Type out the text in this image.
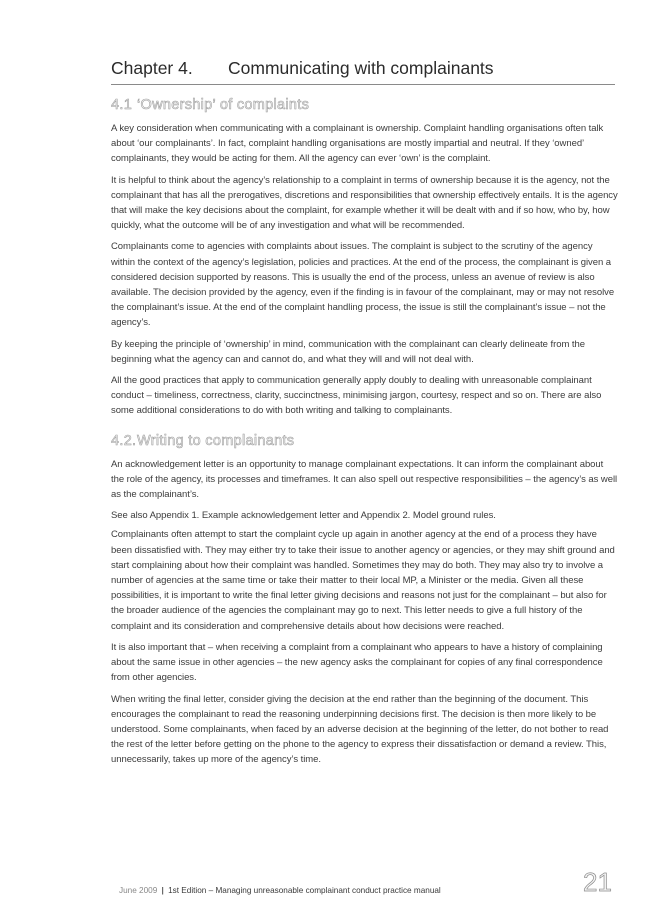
Chapter 4. Communicating with complainants
4.1 ‘Ownership’ of complaints

A key consideration when communicating with a complainant is ownership. Complaint handling organisations often talk about ‘our complainants’. In fact, complaint handling organisations are mostly impartial and neutral. If they ‘owned’ complainants, they would be acting for them. All the agency can ever ‘own’ is the complaint.

It is helpful to think about the agency’s relationship to a complaint in terms of ownership because it is the agency, not the complainant that has all the prerogatives, discretions and responsibilities that ownership effectively entails. It is the agency that will make the key decisions about the complaint, for example whether it will be dealt with and if so how, who by, how quickly, what the outcome will be of any investigation and what will be recommended.

Complainants come to agencies with complaints about issues. The complaint is subject to the scrutiny of the agency within the context of the agency’s legislation, policies and practices. At the end of the process, the complainant is given a considered decision supported by reasons. This is usually the end of the process, unless an avenue of review is also available. The decision provided by the agency, even if the finding is in favour of the complainant, may or may not resolve the complainant’s issue. At the end of the complaint handling process, the issue is still the complainant’s issue – not the agency’s.

By keeping the principle of ‘ownership’ in mind, communication with the complainant can clearly delineate from the beginning what the agency can and cannot do, and what they will and will not deal with.

All the good practices that apply to communication generally apply doubly to dealing with unreasonable complainant conduct – timeliness, correctness, clarity, succinctness, minimising jargon, courtesy, respect and so on. There are also some additional considerations to do with both writing and talking to complainants.

4.2.Writing to complainants

An acknowledgement letter is an opportunity to manage complainant expectations. It can inform the complainant about the role of the agency, its processes and timeframes. It can also spell out respective responsibilities – the agency’s as well as the complainant’s.

See also Appendix 1. Example acknowledgement letter and Appendix 2. Model ground rules.

Complainants often attempt to start the complaint cycle up again in another agency at the end of a process they have been dissatisfied with. They may either try to take their issue to another agency or agencies, or they may shift ground and start complaining about how their complaint was handled. Sometimes they may do both. They may also try to involve a number of agencies at the same time or take their matter to their local MP, a Minister or the media. Given all these possibilities, it is important to write the final letter giving decisions and reasons not just for the complainant – but also for the broader audience of the agencies the complainant may go to next. This letter needs to give a full history of the complaint and its consideration and comprehensive details about how decisions were reached.

It is also important that – when receiving a complaint from a complainant who appears to have a history of complaining about the same issue in other agencies – the new agency asks the complainant for copies of any final correspondence from other agencies.

When writing the final letter, consider giving the decision at the end rather than the beginning of the document. This encourages the complainant to read the reasoning underpinning decisions first. The decision is then more likely to be understood. Some complainants, when faced by an adverse decision at the beginning of the letter, do not bother to read the rest of the letter before getting on the phone to the agency to express their dissatisfaction or demand a review. This, unnecessarily, takes up more of the agency’s time.

June 2009 | 1st Edition – Managing unreasonable complainant conduct practice manual	21
